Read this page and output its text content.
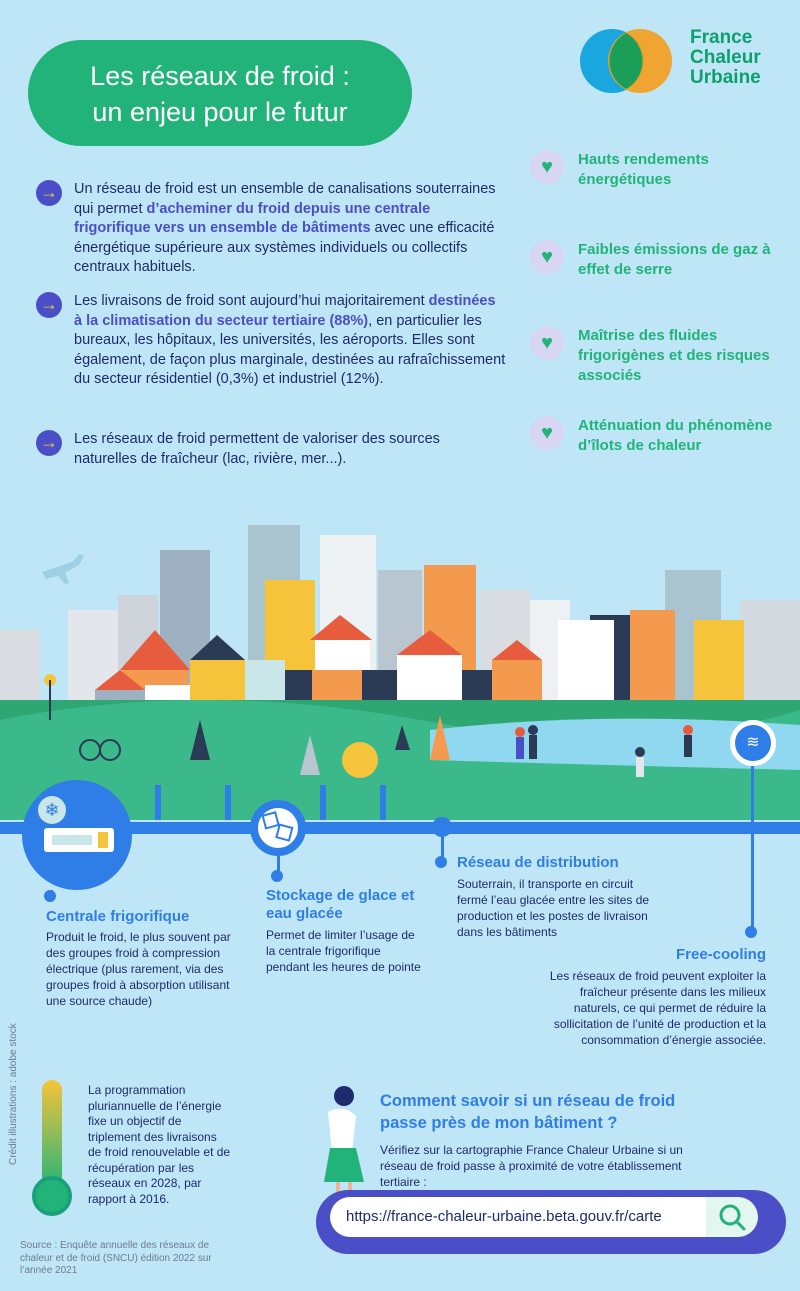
Les réseaux de froid :
un enjeu pour le futur
France
Chaleur
Urbaine
→	Un réseau de froid est un ensemble de canalisations souterraines qui permet d’acheminer du froid depuis une centrale frigorifique vers un ensemble de bâtiments avec une efficacité énergétique supérieure aux systèmes individuels ou collectifs centraux habituels.
→	Les livraisons de froid sont aujourd’hui majoritairement destinées à la climatisation du secteur tertiaire (88%), en particulier les bureaux, les hôpitaux, les universités, les aéroports. Elles sont également, de façon plus marginale, destinées au rafraîchissement du secteur résidentiel (0,3%) et industriel (12%).
→	Les réseaux de froid permettent de valoriser des sources naturelles de fraîcheur (lac, rivière, mer...).
♥	Hauts rendements énergétiques
♥	Faibles émissions de gaz à effet de serre
♥	Maîtrise des fluides frigorigènes et des risques associés
♥	Atténuation du phénomène d’îlots de chaleur
❄
≋
Centrale frigorifique
Produit le froid, le plus souvent par des groupes froid à compression électrique (plus rarement, via des groupes froid à absorption utilisant une source chaude)
Stockage de glace et eau glacée
Permet de limiter l’usage de la centrale frigorifique pendant les heures de pointe
Réseau de distribution
Souterrain, il transporte en circuit fermé l’eau glacée entre les sites de production et les postes de livraison dans les bâtiments
Free-cooling
Les réseaux de froid peuvent exploiter la fraîcheur présente dans les milieux naturels, ce qui permet de réduire la sollicitation de l’unité de production et la consommation d’énergie associée.
Crédit illustrations : adobe stock	La programmation pluriannuelle de l’énergie fixe un objectif de triplement des livraisons de froid renouvelable et de récupération par les réseaux en 2028, par rapport à 2016.
Source : Enquête annuelle des réseaux de chaleur et de froid (SNCU) édition 2022 sur l’année 2021
Comment savoir si un réseau de froid passe près de mon bâtiment ?
Vérifiez sur la cartographie France Chaleur Urbaine si un réseau de froid passe à proximité de votre établissement tertiaire :
https://france-chaleur-urbaine.beta.gouv.fr/carte
